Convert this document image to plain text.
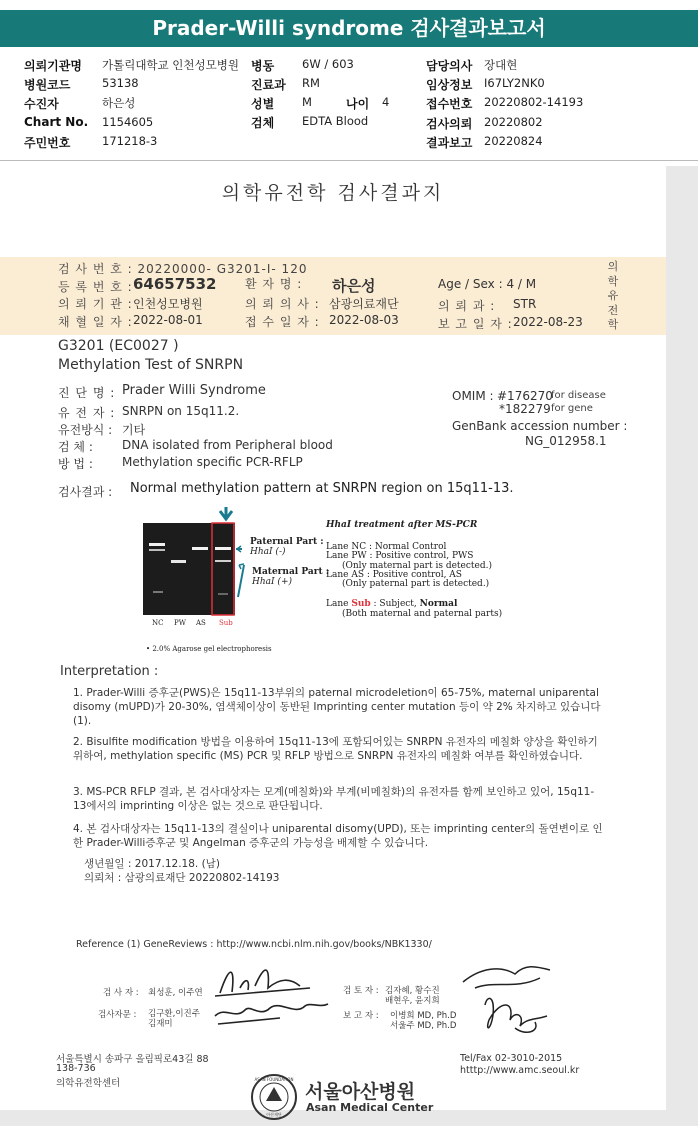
Prader-Willi syndrome 검사결과보고서
의뢰기관명 가톨릭대학교 인천성모병원 병동 6W / 603	담당의사 장대현
병원코드	53138	진료과 RM	임상정보 I67LY2NK0
수진자	하은성	성별 M	나이 4	접수번호 20220802-14193
Chart No. 1154605	검체 EDTA Blood	검사의뢰 20220802
주민번호	171218-3	결과보고 20220824
의학유전학 검사결과지
검 사 번 호 : 20220000- G3201-I- 120
등 록 번 호 : 64657532 환 자 명 : 하은성	Age / Sex : 4 / M
의 뢰 기 관 : 인천성모병원	의 뢰 의 사 : 삼광의료재단	의 뢰 과 : STR
채 혈 일 자 : 2022-08-01	접 수 일 자 : 2022-08-03	보 고 일 자 : 2022-08-23
의학유전학
G3201 (EC0027 )
Methylation Test of SNRPN
진 단 명 : Prader Willi Syndrome
유 전 자 : SNRPN on 15q11.2.
유전방식 : 기타
검 체 : DNA isolated from Peripheral blood
방 법 : Methylation specific PCR-RFLP
OMIM : #176270
for disease
*182279 for gene
GenBank accession number :
NG_012958.1
검사결과 : Normal methylation pattern at SNRPN region on 15q11-13.
Paternal Part :
HhaI (-)
Maternal Part :
HhaI (+)
NC PW AS Sub
• 2.0% Agarose gel electrophoresis
HhaI treatment after MS-PCR
Lane NC : Normal Control
Lane PW : Positive control, PWS
(Only maternal part is detected.)
Lane AS : Positive control, AS
(Only paternal part is detected.)
Lane Sub : Subject, Normal
(Both maternal and paternal parts)
Interpretation :
1. Prader-Willi 증후군(PWS)은 15q11-13부위의 paternal microdeletion이 65-75%, maternal uniparental disomy (mUPD)가 20-30%, 염색체이상이 동반된 Imprinting center mutation 등이 약 2% 차지하고 있습니다 (1).
2. Bisulfite modification 방법을 이용하여 15q11-13에 포함되어있는 SNRPN 유전자의 메칠화 양상을 확인하기 위하여, methylation specific (MS) PCR 및 RFLP 방법으로 SNRPN 유전자의 메칠화 여부를 확인하였습니다.
3. MS-PCR RFLP 결과, 본 검사대상자는 모계(메칠화)와 부계(비메칠화)의 유전자를 함께 보인하고 있어, 15q11-13에서의 imprinting 이상은 없는 것으로 판단됩니다.
4. 본 검사대상자는 15q11-13의 결실이나 uniparental disomy(UPD), 또는 imprinting center의 돌연변이로 인한 Prader-Willi증후군 및 Angelman 증후군의 가능성을 배제할 수 있습니다.
생년월일 : 2017.12.18. (남)
의뢰처 : 삼광의료재단 20220802-14193
Reference (1) GeneReviews : http://www.ncbi.nlm.nih.gov/books/NBK1330/
검 사 자 : 최성훈, 이주연
검사자문 : 김구환,이진주
김재미
검 토 자 : 김자혜, 황수진
배현우, 윤지희
보 고 자 : 이병희 MD, Ph.D
서울주 MD, Ph.D
서울특별시 송파구 올림픽로43길 88
138-736
의학유전학센터
Tel/Fax 02-3010-2015
htttp://www.amc.seoul.kr
ASAN FOUNDATION
아산재단
서울아산병원
Asan Medical Center
